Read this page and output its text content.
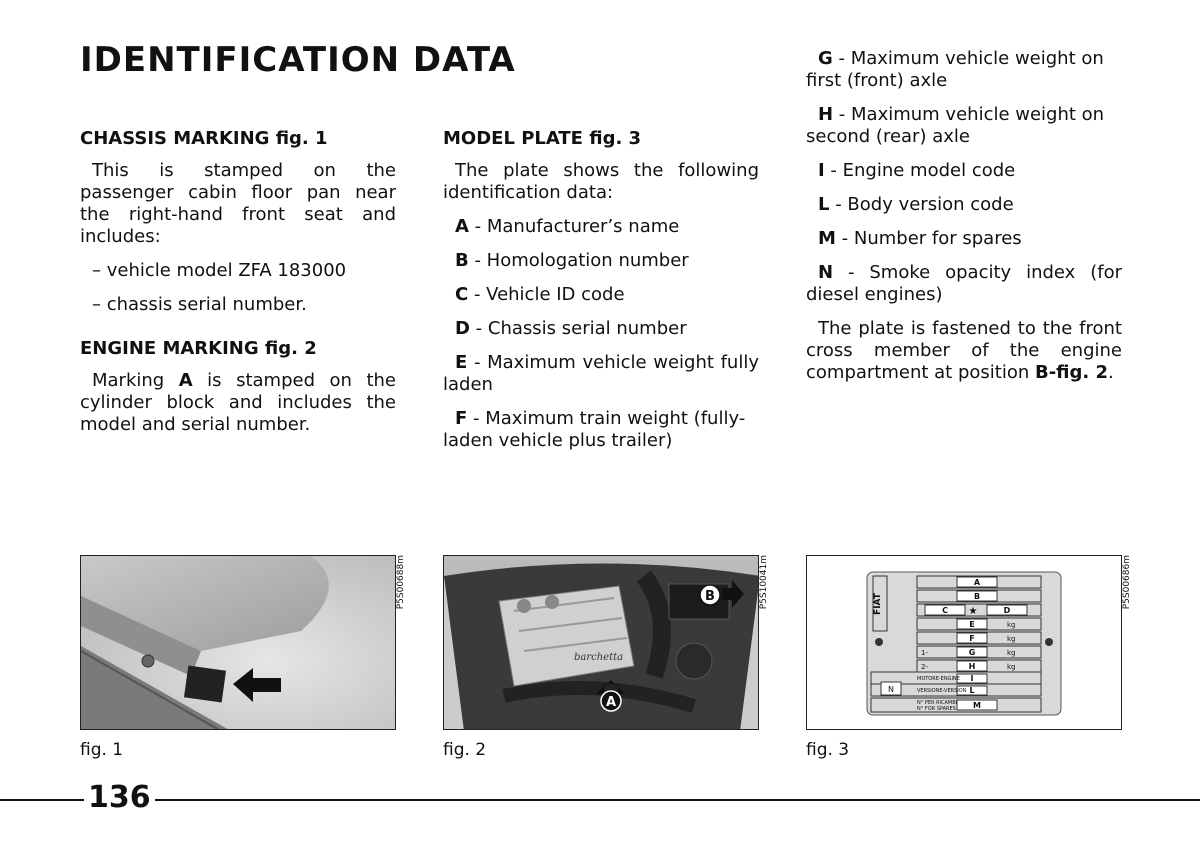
IDENTIFICATION DATA
CHASSIS MARKING fig. 1

This is stamped on the passenger cabin floor pan near the right-hand front seat and includes:

– vehicle model ZFA 183000

– chassis serial number.

ENGINE MARKING fig. 2

Marking A is stamped on the cylinder block and includes the model and serial number.

MODEL PLATE fig. 3

The plate shows the following identification data:

A - Manufacturer’s name

B - Homologation number

C - Vehicle ID code

D - Chassis serial number

E - Maximum vehicle weight fully laden

F - Maximum train weight (fully-laden vehicle plus trailer)

G - Maximum vehicle weight on first (front) axle

H - Maximum vehicle weight on second (rear) axle

I - Engine model code

L - Body version code

M - Number for spares

N - Smoke opacity index (for diesel engines)

The plate is fastened to the front cross member of the engine compartment at position B-fig. 2.

P5S00688m
fig. 1
barchetta
A
B	P5S10041m
fig. 2
FIAT
A
B
C ★	D
E
F
G
H
I
L
M
kg
kg
kg
kg
1-
2-
MOTORE-ENGINE
VERSIONE-VERSION
N° PER RICAMBI
N° FOR SPARES
N
P5S00686m
fig. 3
136
